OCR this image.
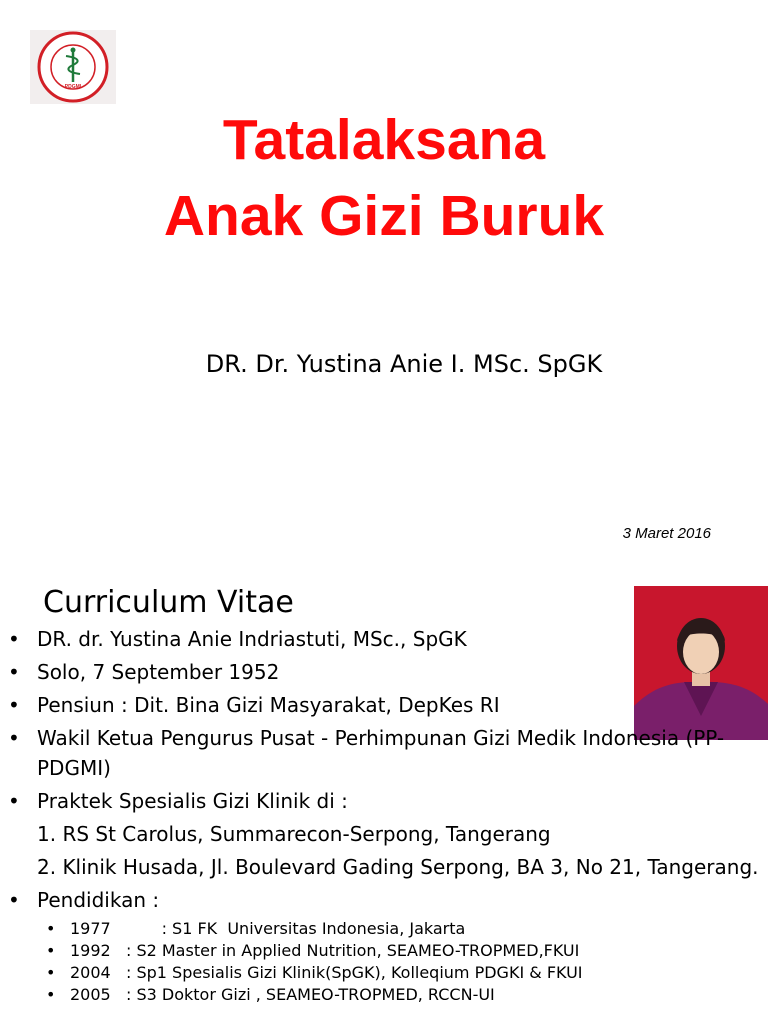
PDGMI
Tatalaksana
Anak Gizi Buruk
DR. Dr. Yustina Anie I. MSc. SpGK
3 Maret 2016
Curriculum Vitae
• DR. dr. Yustina Anie Indriastuti, MSc., SpGK
• Solo, 7 September 1952
• Pensiun : Dit. Bina Gizi Masyarakat, DepKes RI
• Wakil Ketua Pengurus Pusat - Perhimpunan Gizi Medik Indonesia (PP-PDGMI)
• Praktek Spesialis Gizi Klinik di :
1. RS St Carolus, Summarecon-Serpong, Tangerang
2. Klinik Husada, Jl. Boulevard Gading Serpong, BA 3, No 21, Tangerang.
• Pendidikan :
• 1977          : S1 FK  Universitas Indonesia, Jakarta
• 1992   : S2 Master in Applied Nutrition, SEAMEO-TROPMED,FKUI
• 2004   : Sp1 Spesialis Gizi Klinik(SpGK), Kolleqium PDGKI & FKUI
• 2005   : S3 Doktor Gizi , SEAMEO-TROPMED, RCCN-UI
